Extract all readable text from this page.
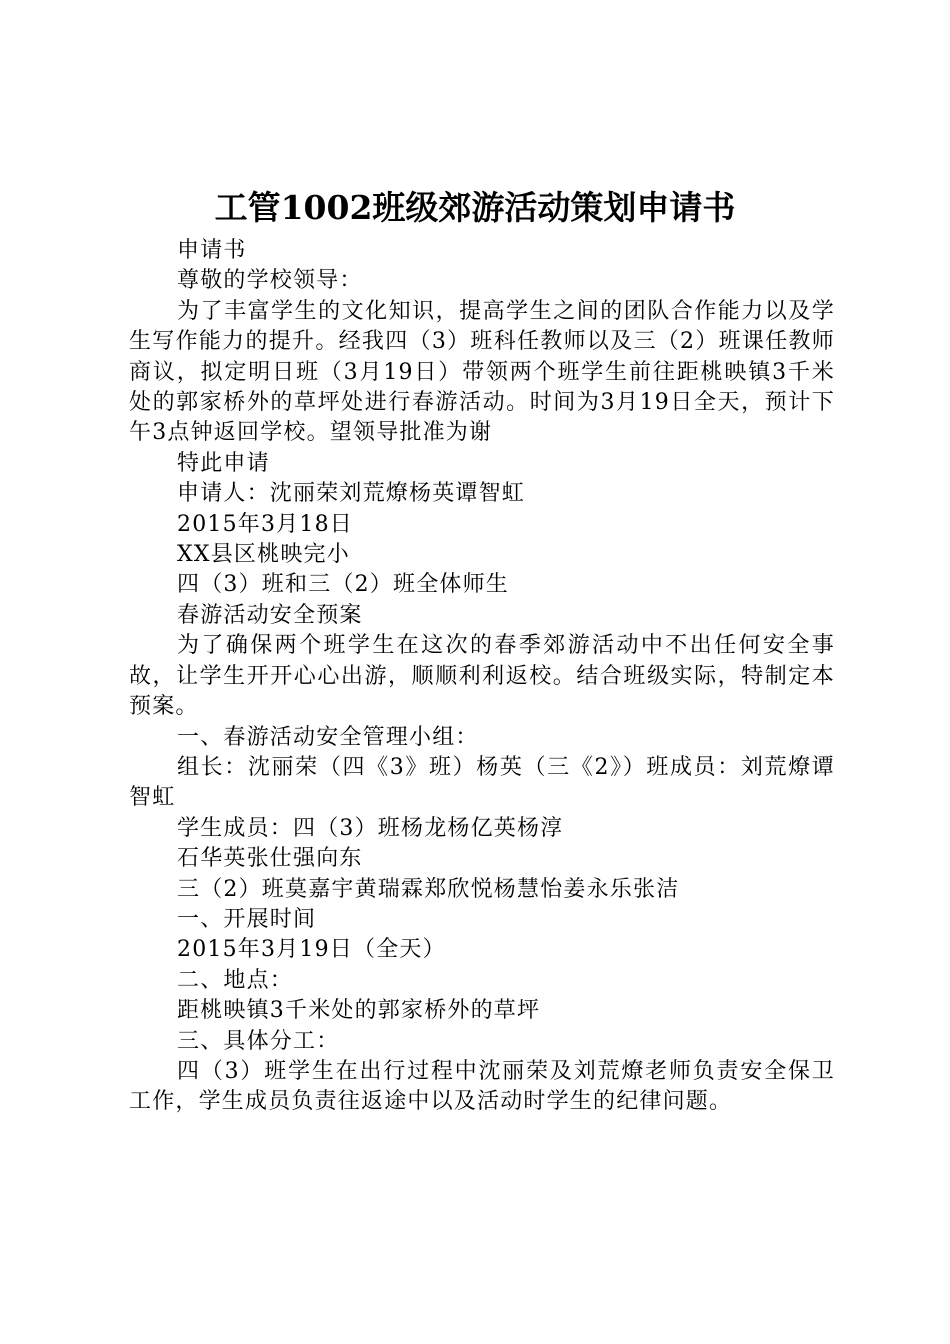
工管1002班级郊游活动策划申请书

申请书

尊敬的学校领导：

为了丰富学生的文化知识，提高学生之间的团队合作能力以及学生写作能力的提升。经我四（3）班科任教师以及三（2）班课任教师商议，拟定明日班（3月19日）带领两个班学生前往距桃映镇3千米处的郭家桥外的草坪处进行春游活动。时间为3月19日全天，预计下午3点钟返回学校。望领导批准为谢

特此申请

申请人：沈丽荣刘荒燎杨英谭智虹

2015年3月18日

XX县区桃映完小

四（3）班和三（2）班全体师生

春游活动安全预案

为了确保两个班学生在这次的春季郊游活动中不出任何安全事故，让学生开开心心出游，顺顺利利返校。结合班级实际，特制定本预案。

一、春游活动安全管理小组：

组长：沈丽荣（四《3》班）杨英（三《2》）班成员：刘荒燎谭智虹

学生成员：四（3）班杨龙杨亿英杨淳

石华英张仕强向东

三（2）班莫嘉宇黄瑞霖郑欣悦杨慧怡姜永乐张洁

一、开展时间

2015年3月19日（全天）

二、地点：

距桃映镇3千米处的郭家桥外的草坪

三、具体分工：

四（3）班学生在出行过程中沈丽荣及刘荒燎老师负责安全保卫工作，学生成员负责往返途中以及活动时学生的纪律问题。
